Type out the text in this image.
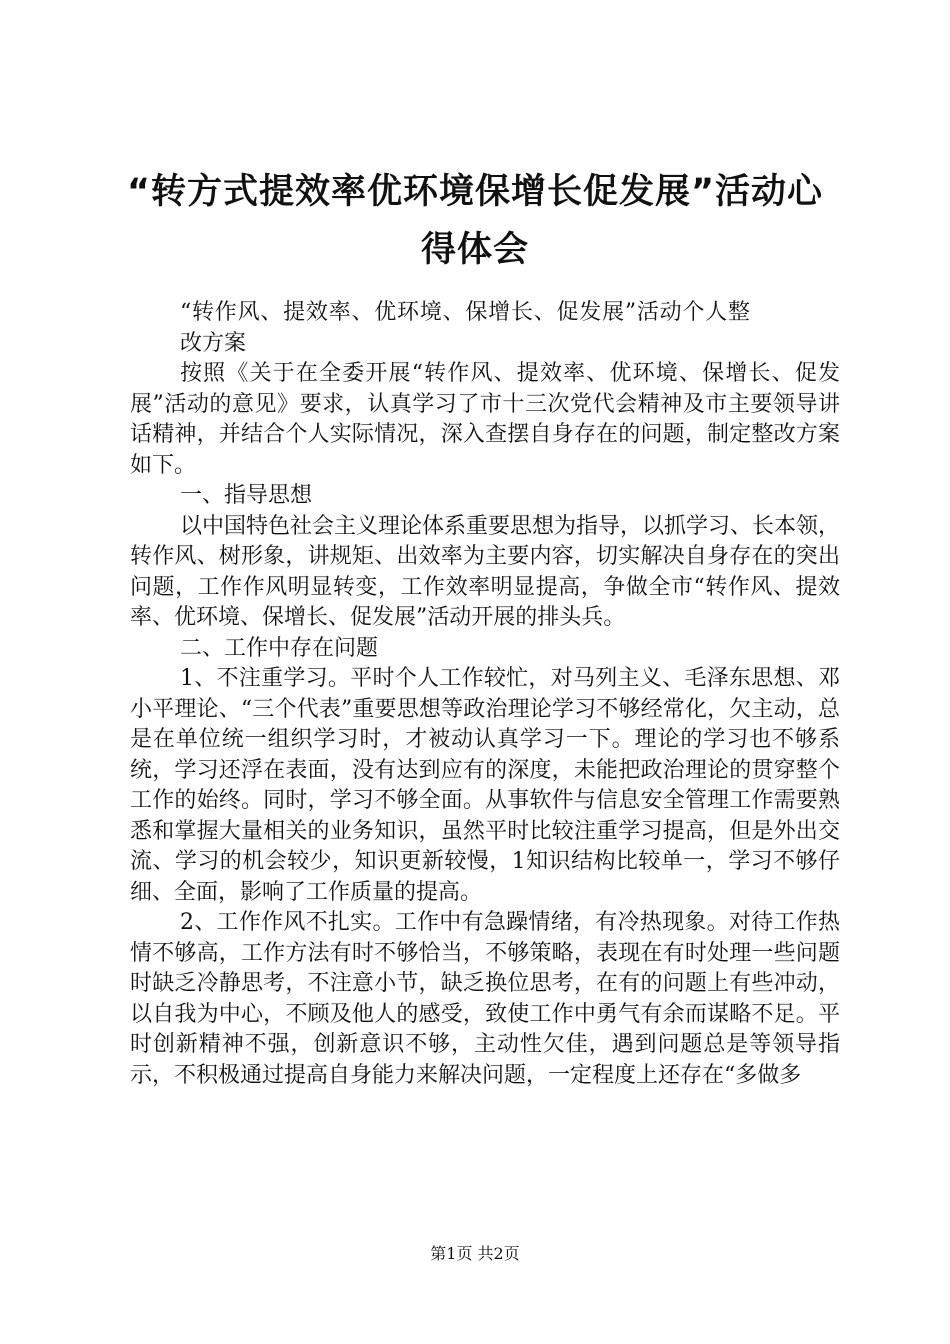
“转方式提效率优环境保增长促发展”活动心
得体会

“转作风、提效率、优环境、保增长、促发展”活动个人整改方案

按照《关于在全委开展“转作风、提效率、优环境、保增长、促发展”活动的意见》要求，认真学习了市十三次党代会精神及市主要领导讲话精神，并结合个人实际情况，深入查摆自身存在的问题，制定整改方案如下。

一、指导思想

以中国特色社会主义理论体系重要思想为指导，以抓学习、长本领，转作风、树形象，讲规矩、出效率为主要内容，切实解决自身存在的突出问题，工作作风明显转变，工作效率明显提高，争做全市“转作风、提效率、优环境、保增长、促发展”活动开展的排头兵。

二、工作中存在问题

1、不注重学习。平时个人工作较忙，对马列主义、毛泽东思想、邓小平理论、“三个代表”重要思想等政治理论学习不够经常化，欠主动，总是在单位统一组织学习时，才被动认真学习一下。理论的学习也不够系统，学习还浮在表面，没有达到应有的深度，未能把政治理论的贯穿整个工作的始终。同时，学习不够全面。从事软件与信息安全管理工作需要熟悉和掌握大量相关的业务知识，虽然平时比较注重学习提高，但是外出交流、学习的机会较少，知识更新较慢，1知识结构比较单一，学习不够仔细、全面，影响了工作质量的提高。

2、工作作风不扎实。工作中有急躁情绪，有冷热现象。对待工作热情不够高，工作方法有时不够恰当，不够策略，表现在有时处理一些问题时缺乏冷静思考，不注意小节，缺乏换位思考，在有的问题上有些冲动，以自我为中心，不顾及他人的感受，致使工作中勇气有余而谋略不足。平时创新精神不强，创新意识不够，主动性欠佳，遇到问题总是等领导指示，不积极通过提高自身能力来解决问题，一定程度上还存在“多做多

第1页 共2页
